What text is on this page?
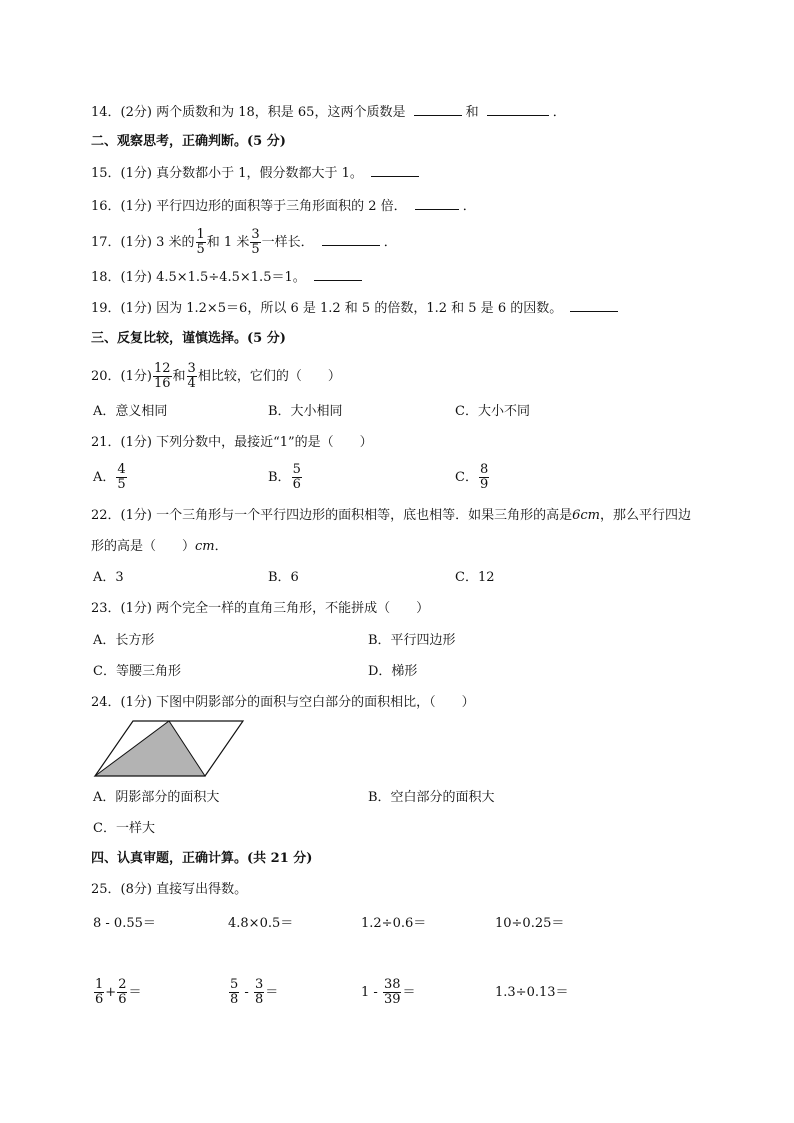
14．(2分) 两个质数和为 18，积是 65，这两个质数是	和	．
二、观察思考，正确判断。(5 分)
15．(1分) 真分数都小于 1，假分数都大于 1。
16．(1分) 平行四边形的面积等于三角形面积的 2 倍．	．
17．(1分) 3 米的 $\frac{1}{5}$ 和 1 米 $\frac{3}{5}$ 一样长．	．
18．(1分) 4.5×1.5÷4.5×1.5＝1。
19．(1分) 因为 1.2×5＝6，所以 6 是 1.2 和 5 的倍数，1.2 和 5 是 6 的因数。
三、反复比较，谨慎选择。(5 分)
20．(1分) $\frac{12}{16}$ 和 $\frac{3}{4}$ 相比较，它们的（　　）
A．意义相同	B．大小相同	C．大小不同
21．(1分) 下列分数中，最接近“1”的是（　　）
A． $\frac{4}{5}$	B． $\frac{5}{6}$	C． $\frac{8}{9}$
22．(1分) 一个三角形与一个平行四边形的面积相等，底也相等．如果三角形的高是6cm，那么平行四边
形的高是（　　）cm．
A．3	B．6	C．12
23．(1分) 两个完全一样的直角三角形，不能拼成（　　）
A．长方形	B．平行四边形
C．等腰三角形	D．梯形
24．(1分) 下图中阴影部分的面积与空白部分的面积相比，（　　）
A．阴影部分的面积大	B．空白部分的面积大
C．一样大
四、认真审题，正确计算。(共 21 分)
25．(8分) 直接写出得数。
8 - 0.55＝	4.8×0.5＝	1.2÷0.6＝	10÷0.25＝
$\frac{1}{6} + \frac{2}{6}$ ＝	$\frac{5}{8} - \frac{3}{8}$ ＝	$1 - \frac{38}{39}$ ＝	1.3÷0.13＝
